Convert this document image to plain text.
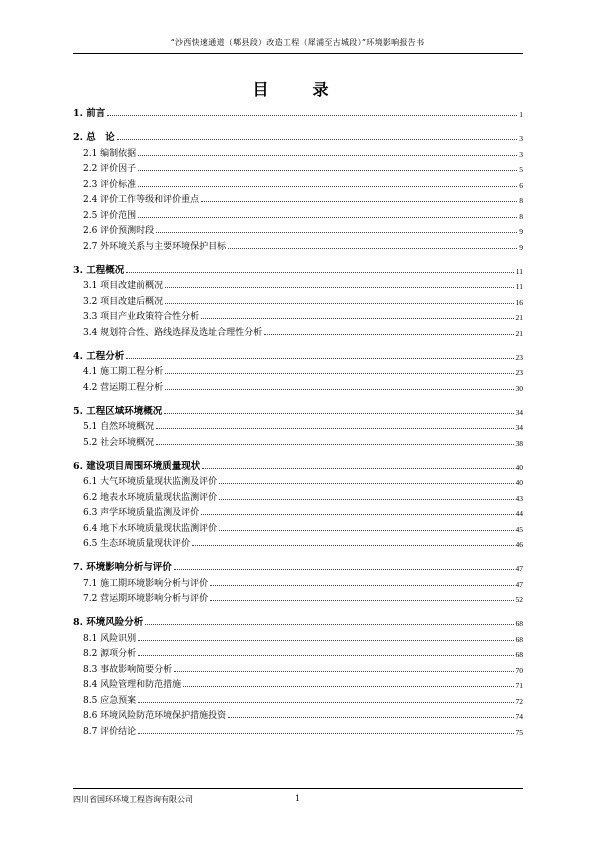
“沙西快速通道（郫县段）改造工程（犀浦至古城段）”环境影响报告书
目　录
1. 前言	1
2. 总　论	3
2.1 编制依据	3
2.2 评价因子	5
2.3 评价标准	6
2.4 评价工作等级和评价重点	8
2.5 评价范围	8
2.6 评价预测时段	9
2.7 外环境关系与主要环境保护目标	9
3. 工程概况	11
3.1 项目改建前概况	11
3.2 项目改建后概况	16
3.3 项目产业政策符合性分析	21
3.4 规划符合性、路线选择及选址合理性分析	21
4. 工程分析	23
4.1 施工期工程分析	23
4.2 营运期工程分析	30
5. 工程区域环境概况	34
5.1 自然环境概况	34
5.2 社会环境概况	38
6. 建设项目周围环境质量现状	40
6.1 大气环境质量现状监测及评价	40
6.2 地表水环境质量现状监测评价	43
6.3 声学环境质量监测及评价	44
6.4 地下水环境质量现状监测评价	45
6.5 生态环境质量现状评价	46
7. 环境影响分析与评价	47
7.1 施工期环境影响分析与评价	47
7.2 营运期环境影响分析与评价	52
8. 环境风险分析	68
8.1 风险识别	68
8.2 源项分析	68
8.3 事故影响简要分析	70
8.4 风险管理和防范措施	71
8.5 应急预案	72
8.6 环境风险防范环境保护措施投资	74
8.7 评价结论	75
四川省国环环境工程咨询有限公司	1
